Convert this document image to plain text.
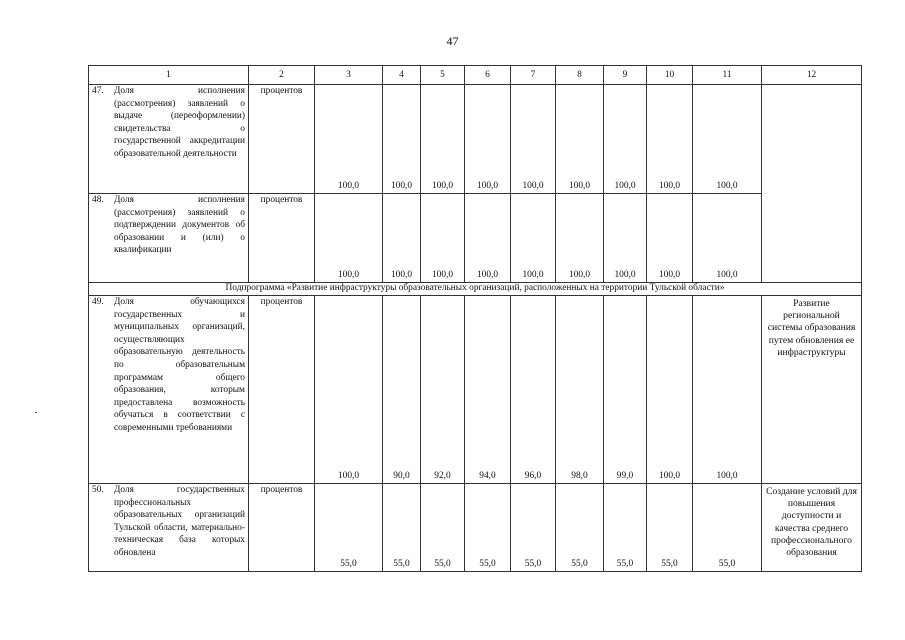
47
1	2	3	4	5	6	7	8	9	10	11	12

47. Доля исполнения (рассмотрения) заявлений о выдаче (переоформлении) свидетельства о государственной аккредитации образовательной деятельности	процентов	100,0	100,0	100,0	100,0	100,0	100,0	100,0	100,0	100,0	

48. Доля исполнения (рассмотрения) заявлений о подтверждении документов об образовании и (или) о квалификации	процентов	100,0	100,0	100,0	100,0	100,0	100,0	100,0	100,0	100,0	
Подпрограмма «Развитие инфраструктуры образовательных организаций, расположенных на территории Тульской области»											

49. Доля обучающихся государственных и муниципальных организаций, осуществляющих образовательную деятельность по образовательным программам общего образования, которым предоставлена возможность обучаться в соответствии с современными требованиями	процентов	100,0	90,0	92,0	94,0	96,0	98,0	99,0	100,0	100,0	Развитие региональной системы образования путем обновления ее инфраструктуры

50. Доля государственных профессиональных образовательных организаций Тульской области, материально-техническая база которых обновлена	процентов	55,0	55,0	55,0	55,0	55,0	55,0	55,0	55,0	55,0	Создание условий для повышения доступности и качества среднего профессионального образования
